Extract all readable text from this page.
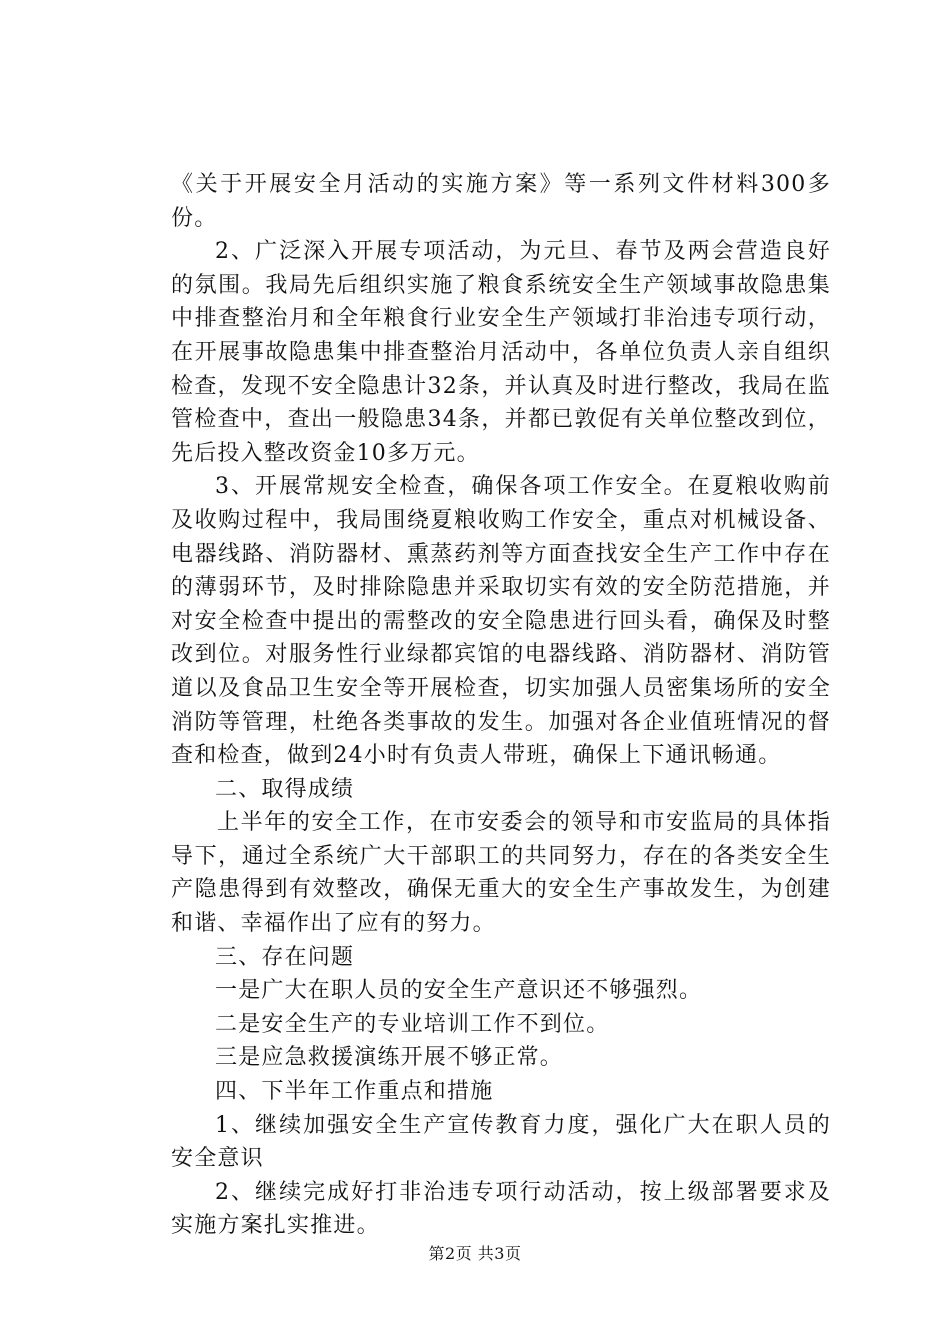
《关于开展安全月活动的实施方案》等一系列文件材料300多份。

2、广泛深入开展专项活动，为元旦、春节及两会营造良好的氛围。我局先后组织实施了粮食系统安全生产领域事故隐患集中排查整治月和全年粮食行业安全生产领域打非治违专项行动，在开展事故隐患集中排查整治月活动中，各单位负责人亲自组织检查，发现不安全隐患计32条，并认真及时进行整改，我局在监管检查中，查出一般隐患34条，并都已敦促有关单位整改到位，先后投入整改资金10多万元。

3、开展常规安全检查，确保各项工作安全。在夏粮收购前及收购过程中，我局围绕夏粮收购工作安全，重点对机械设备、电器线路、消防器材、熏蒸药剂等方面查找安全生产工作中存在的薄弱环节，及时排除隐患并采取切实有效的安全防范措施，并对安全检查中提出的需整改的安全隐患进行回头看，确保及时整改到位。对服务性行业绿都宾馆的电器线路、消防器材、消防管道以及食品卫生安全等开展检查，切实加强人员密集场所的安全消防等管理，杜绝各类事故的发生。加强对各企业值班情况的督查和检查，做到24小时有负责人带班，确保上下通讯畅通。

二、取得成绩

上半年的安全工作，在市安委会的领导和市安监局的具体指导下，通过全系统广大干部职工的共同努力，存在的各类安全生产隐患得到有效整改，确保无重大的安全生产事故发生，为创建和谐、幸福作出了应有的努力。

三、存在问题

一是广大在职人员的安全生产意识还不够强烈。

二是安全生产的专业培训工作不到位。

三是应急救援演练开展不够正常。

四、下半年工作重点和措施

1、继续加强安全生产宣传教育力度，强化广大在职人员的安全意识

2、继续完成好打非治违专项行动活动，按上级部署要求及实施方案扎实推进。

第2页 共3页
